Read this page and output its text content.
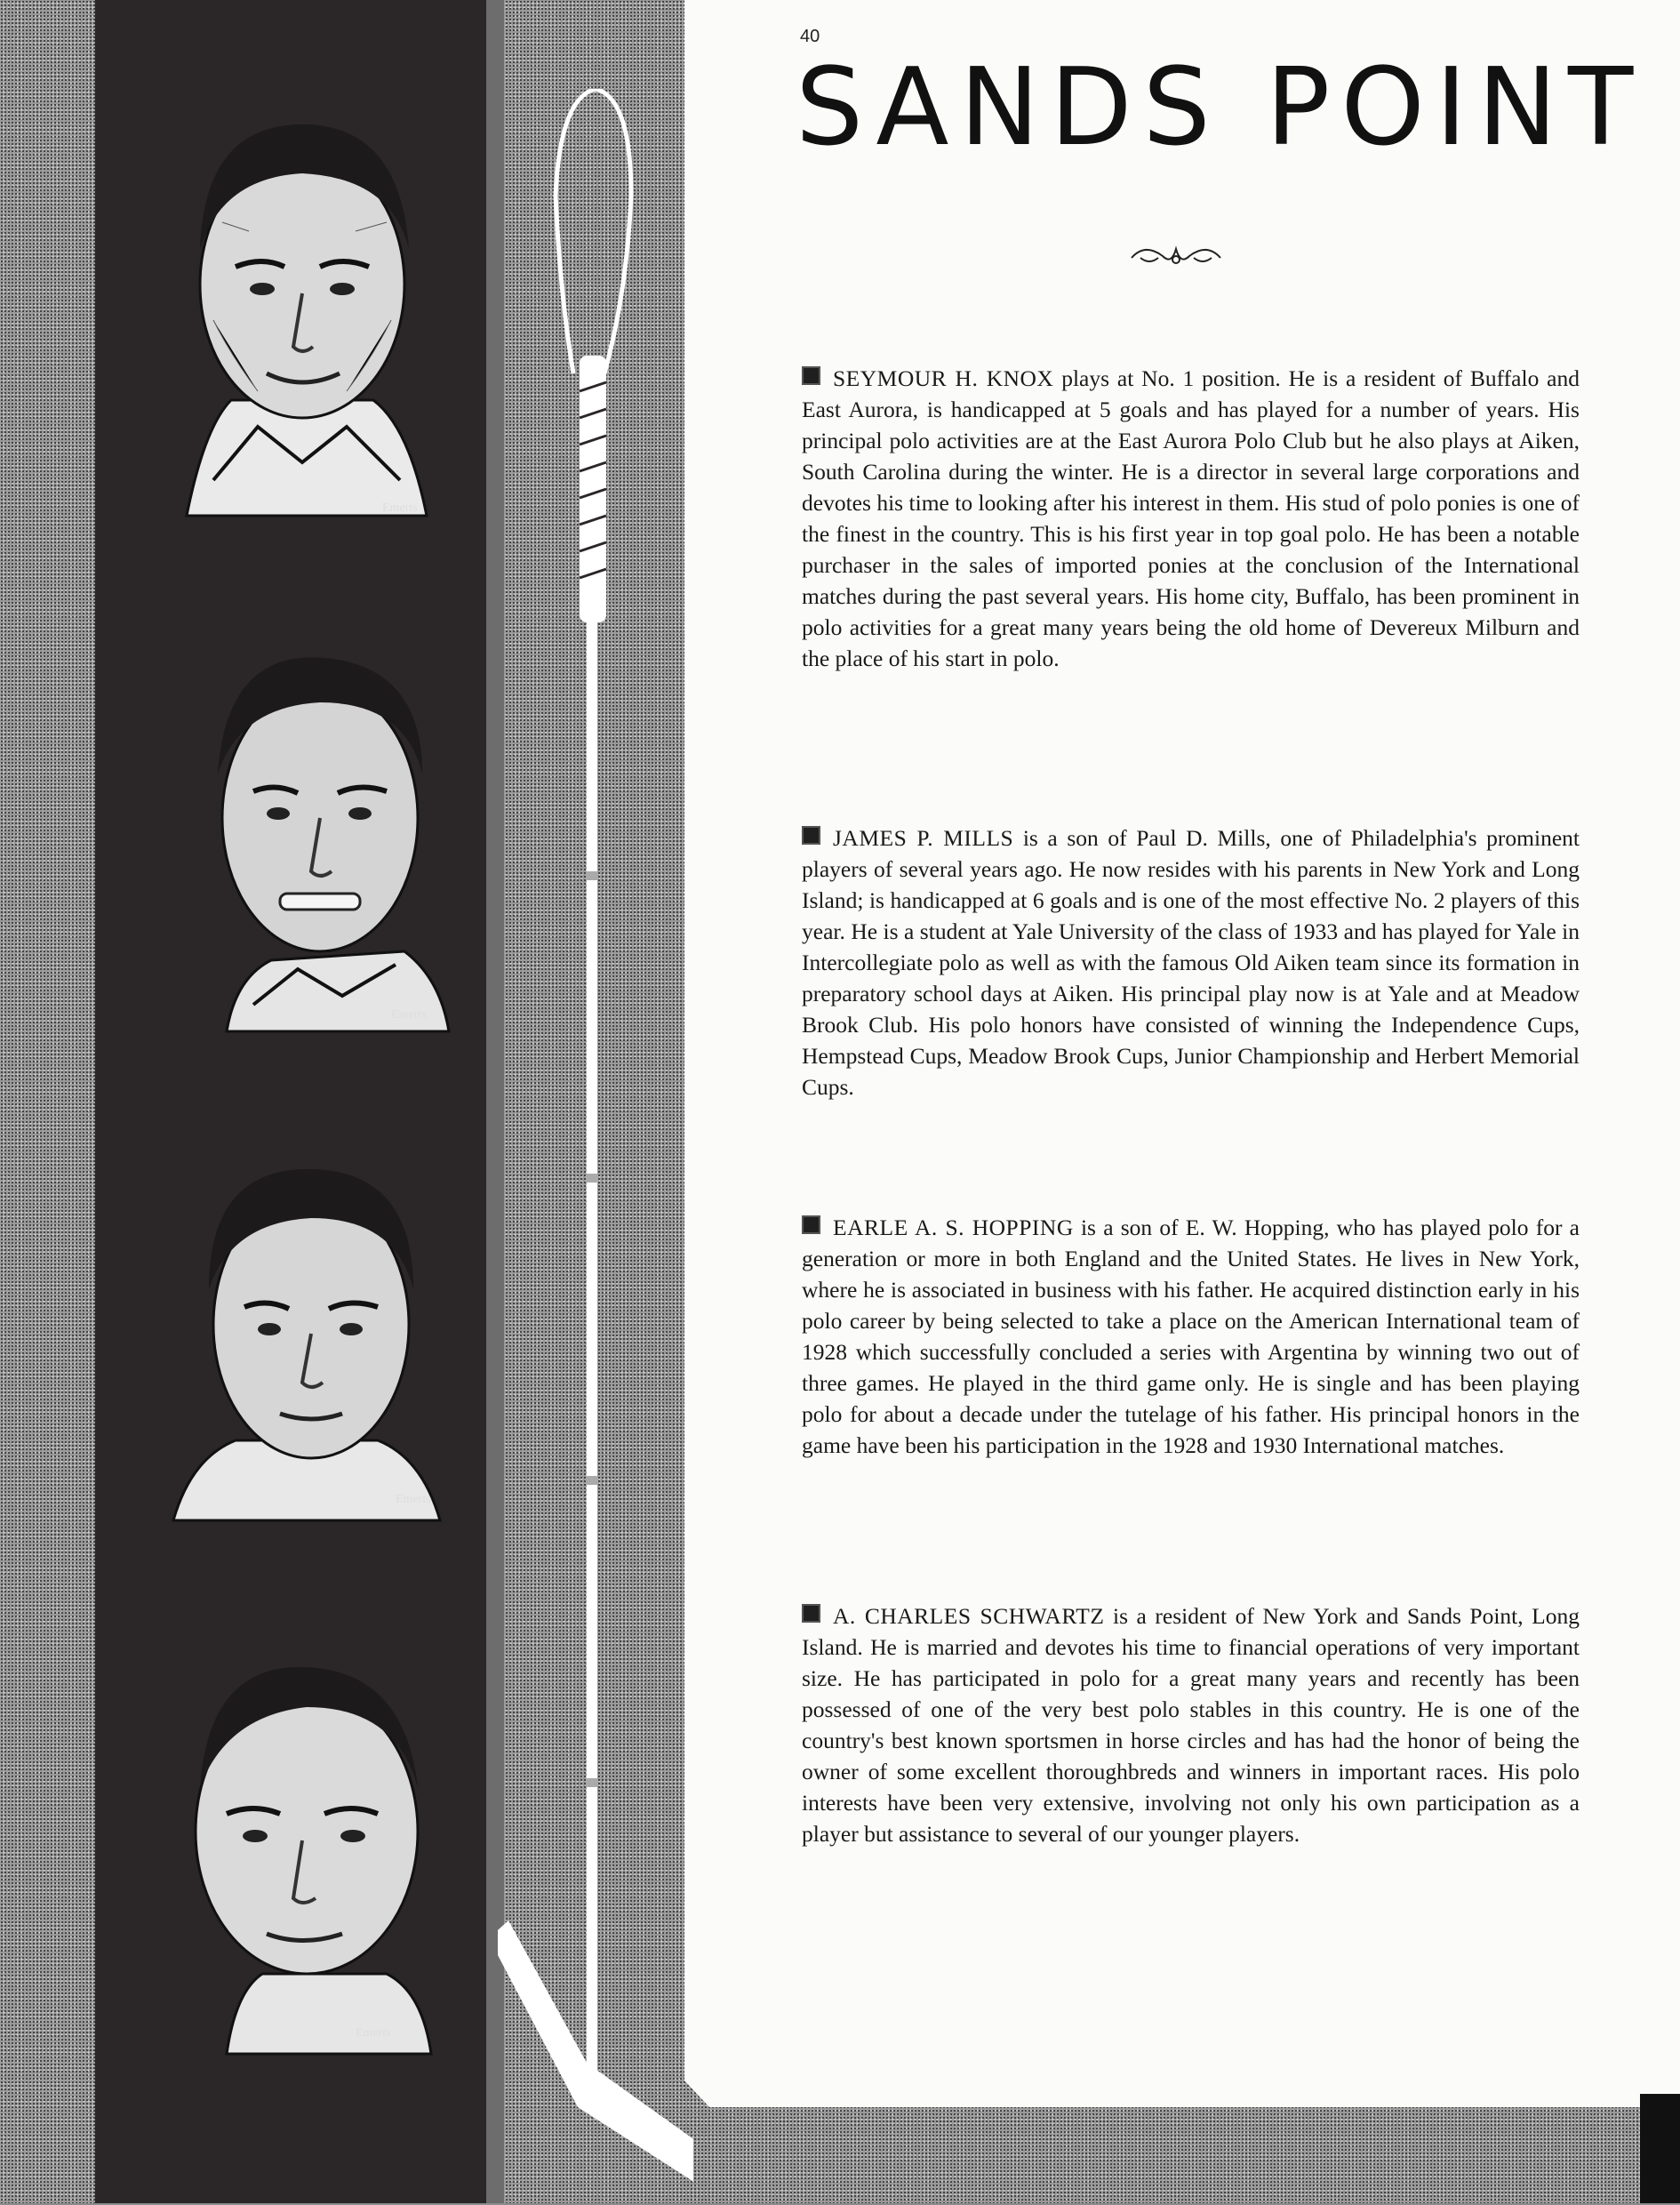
Emerts
Emerts
Emerts
Emerts
40
SANDS POINT

SEYMOUR H. KNOX plays at No. 1 position. He is a resident of Buffalo and East Aurora, is handicapped at 5 goals and has played for a number of years. His principal polo activities are at the East Aurora Polo Club but he also plays at Aiken, South Carolina during the winter. He is a director in several large corporations and devotes his time to looking after his interest in them. His stud of polo ponies is one of the finest in the country. This is his first year in top goal polo. He has been a notable purchaser in the sales of imported ponies at the conclusion of the International matches during the past several years. His home city, Buffalo, has been prominent in polo activities for a great many years being the old home of Devereux Milburn and the place of his start in polo.

JAMES P. MILLS is a son of Paul D. Mills, one of Philadelphia's prominent players of several years ago. He now resides with his parents in New York and Long Island; is handicapped at 6 goals and is one of the most effective No. 2 players of this year. He is a student at Yale University of the class of 1933 and has played for Yale in Intercollegiate polo as well as with the famous Old Aiken team since its formation in preparatory school days at Aiken. His principal play now is at Yale and at Meadow Brook Club. His polo honors have consisted of winning the Independence Cups, Hempstead Cups, Meadow Brook Cups, Junior Championship and Herbert Memorial Cups.

EARLE A. S. HOPPING is a son of E. W. Hopping, who has played polo for a generation or more in both England and the United States. He lives in New York, where he is associated in business with his father. He acquired distinction early in his polo career by being selected to take a place on the American International team of 1928 which successfully concluded a series with Argentina by winning two out of three games. He played in the third game only. He is single and has been playing polo for about a decade under the tutelage of his father. His principal honors in the game have been his participation in the 1928 and 1930 International matches.

A. CHARLES SCHWARTZ is a resident of New York and Sands Point, Long Island. He is married and devotes his time to financial operations of very important size. He has participated in polo for a great many years and recently has been possessed of one of the very best polo stables in this country. He is one of the country's best known sportsmen in horse circles and has had the honor of being the owner of some excellent thoroughbreds and winners in important races. His polo interests have been very extensive, involving not only his own participation as a player but assistance to several of our younger players.
